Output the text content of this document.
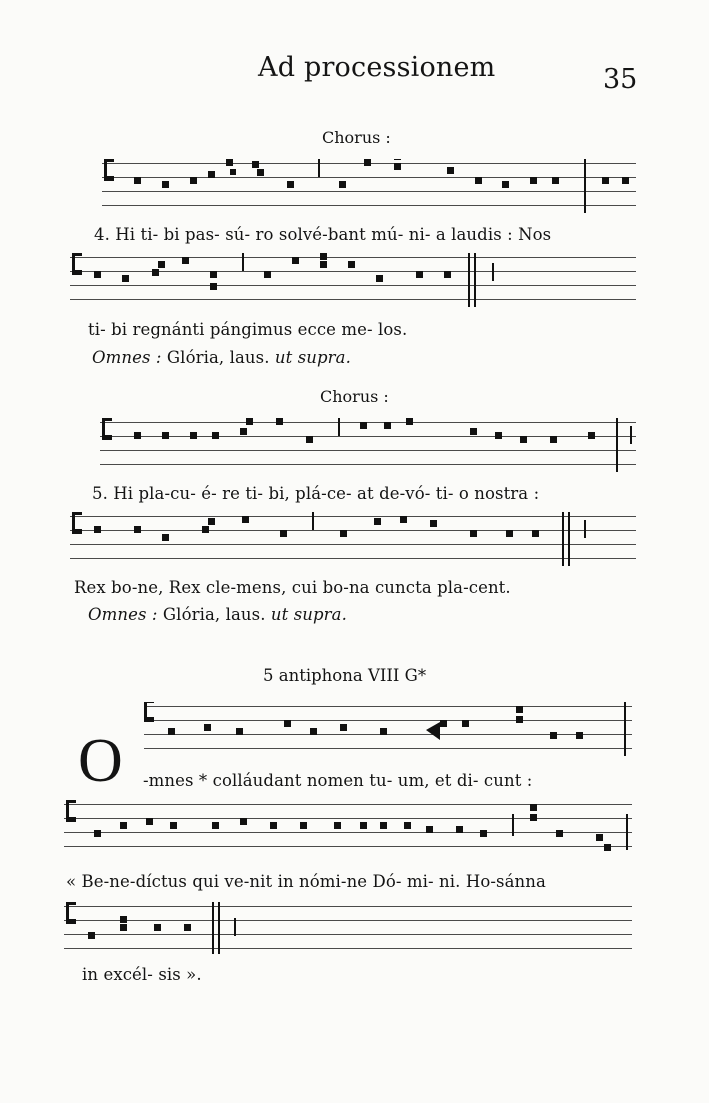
Ad processionem	35
Chorus :
4. Hi ti- bi pas- sú- ro solvé-bant mú- ni- a laudis : Nos
ti- bi regnánti pángimus ecce me- los.
Omnes : Glória, laus. ut supra.
Chorus :
5. Hi pla-cu- é- re ti- bi, plá-ce- at de-vó- ti- o nostra :
Rex bo-ne, Rex cle-mens, cui bo-na cuncta pla-cent.
Omnes : Glória, laus. ut supra.
5 antiphona VIII G*
O -mnes * colláudant nomen tu- um, et di- cunt :
« Be-ne-díctus qui ve-nit in nómi-ne Dó- mi- ni. Ho-sánna
in excél- sis ».
